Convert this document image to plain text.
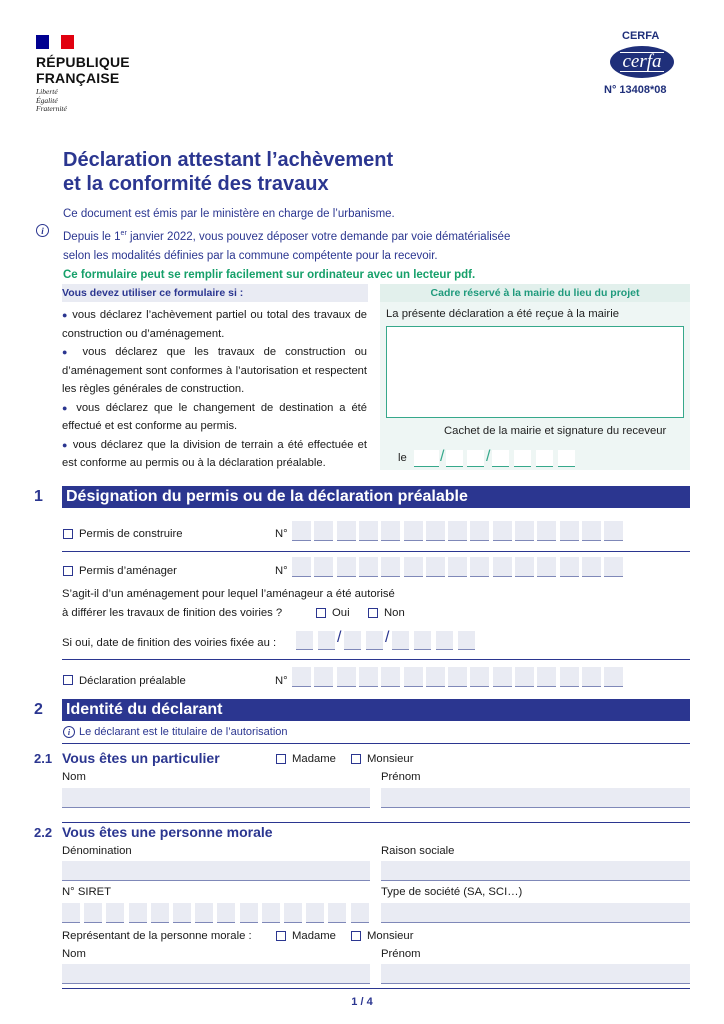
RÉPUBLIQUE
FRANÇAISE
Liberté
Égalité
Fraternité
CERFA
cerfa
N° 13408*08
Déclaration attestant l’achèvement
et la conformité des travaux
i
Ce document est émis par le ministère en charge de l’urbanisme.
Depuis le 1er janvier 2022, vous pouvez déposer votre demande par voie dématérialisée
selon les modalités définies par la commune compétente pour la recevoir.
Ce formulaire peut se remplir facilement sur ordinateur avec un lecteur pdf.
Vous devez utiliser ce formulaire si :
● vous déclarez l’achèvement partiel ou total des travaux de construction ou d’aménagement.
● vous déclarez que les travaux de construction ou d’aménagement sont conformes à l’autorisation et respectent les règles générales de construction.
● vous déclarez que le changement de destination a été effectué et est conforme au permis.
● vous déclarez que la division de terrain a été effectuée et est conforme au permis ou à la déclaration préalable.
Cadre réservé à la mairie du lieu du projet
La présente déclaration a été reçue à la mairie
Cachet de la mairie et signature du receveur
le /	/
1 Désignation du permis ou de la déclaration préalable
Permis de construire	N°
Permis d’aménager	N°
S’agit-il d’un aménagement pour lequel l’aménageur a été autorisé
à différer les travaux de finition des voiries ?	Oui	Non
Si oui, date de finition des voiries fixée au :	/	/
Déclaration préalable	N°
2 Identité du déclarant
i Le déclarant est le titulaire de l’autorisation
2.1 Vous êtes un particulier	Madame	Monsieur
Nom	Prénom
2.2 Vous êtes une personne morale
Dénomination	Raison sociale
N° SIRET	Type de société (SA, SCI…)
Représentant de la personne morale :	Madame	Monsieur
Nom	Prénom
1 / 4
